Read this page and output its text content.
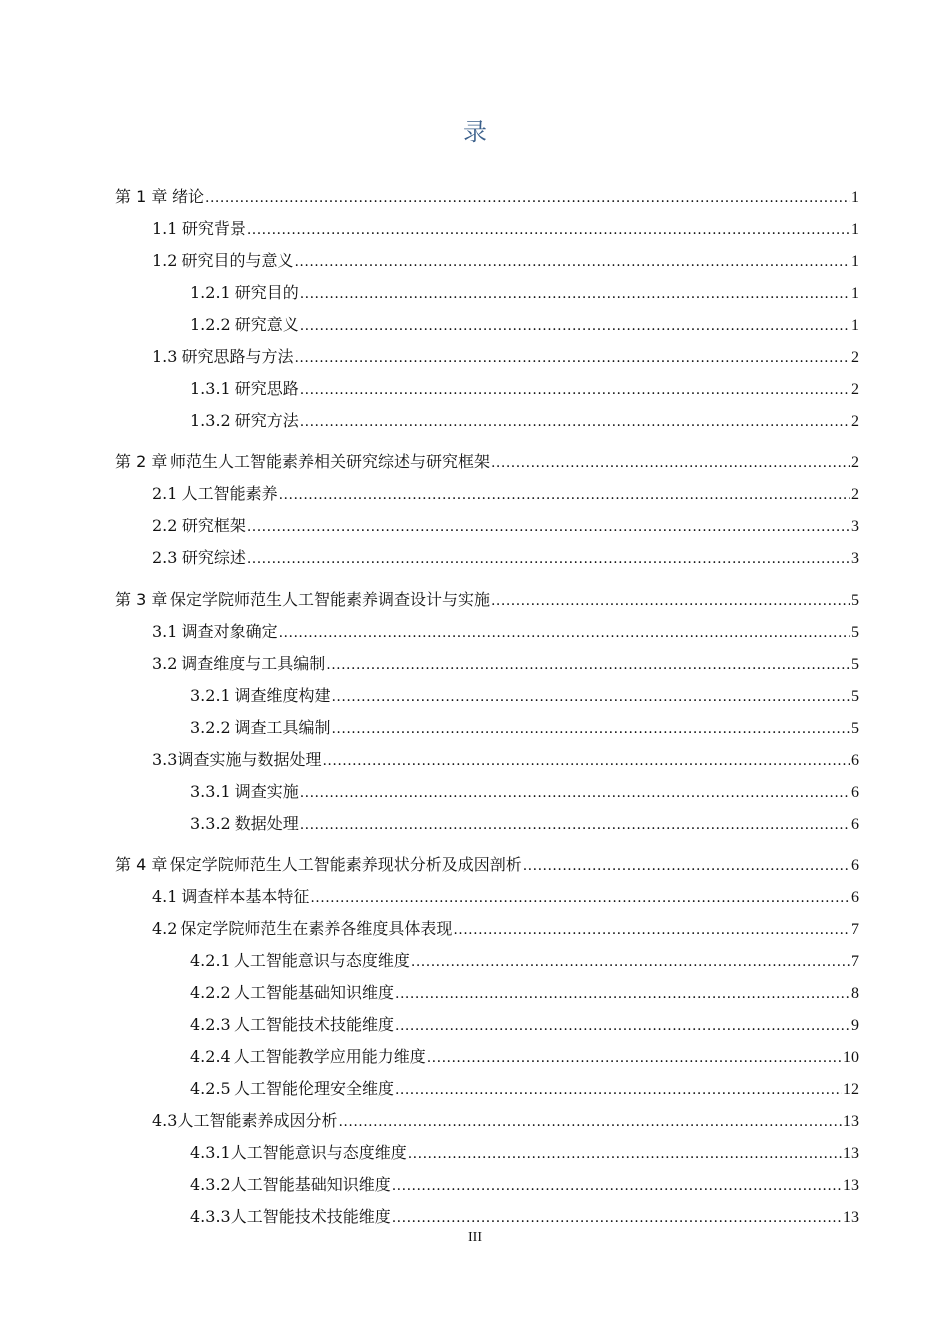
录
第 1 章 绪论 .....	1
1.1 研究背景 .....	1
1.2 研究目的与意义 .....	1
1.2.1 研究目的 .....	1
1.2.2 研究意义 .....	1
1.3 研究思路与方法 .....	2
1.3.1 研究思路 .....	2
1.3.2 研究方法 .....	2
第 2 章 师范生人工智能素养相关研究综述与研究框架 .....	2
2.1 人工智能素养 .....	2
2.2 研究框架 .....	3
2.3 研究综述 .....	3
第 3 章 保定学院师范生人工智能素养调查设计与实施 .....	5
3.1 调查对象确定 .....	5
3.2 调查维度与工具编制 .....	5
3.2.1 调查维度构建 .....	5
3.2.2 调查工具编制 .....	5
3.3 调查实施与数据处理 .....	6
3.3.1 调查实施 .....	6
3.3.2 数据处理 .....	6
第 4 章 保定学院师范生人工智能素养现状分析及成因剖析 .....	6
4.1 调查样本基本特征 .....	6
4.2 保定学院师范生在素养各维度具体表现 .....	7
4.2.1 人工智能意识与态度维度 .....	7
4.2.2 人工智能基础知识维度 .....	8
4.2.3 人工智能技术技能维度 .....	9
4.2.4 人工智能教学应用能力维度 .....	10
4.2.5 人工智能伦理安全维度 .....	12
4.3 人工智能素养成因分析 .....	13
4.3.1 人工智能意识与态度维度 .....	13
4.3.2 人工智能基础知识维度 .....	13
4.3.3 人工智能技术技能维度 .....	13
III
